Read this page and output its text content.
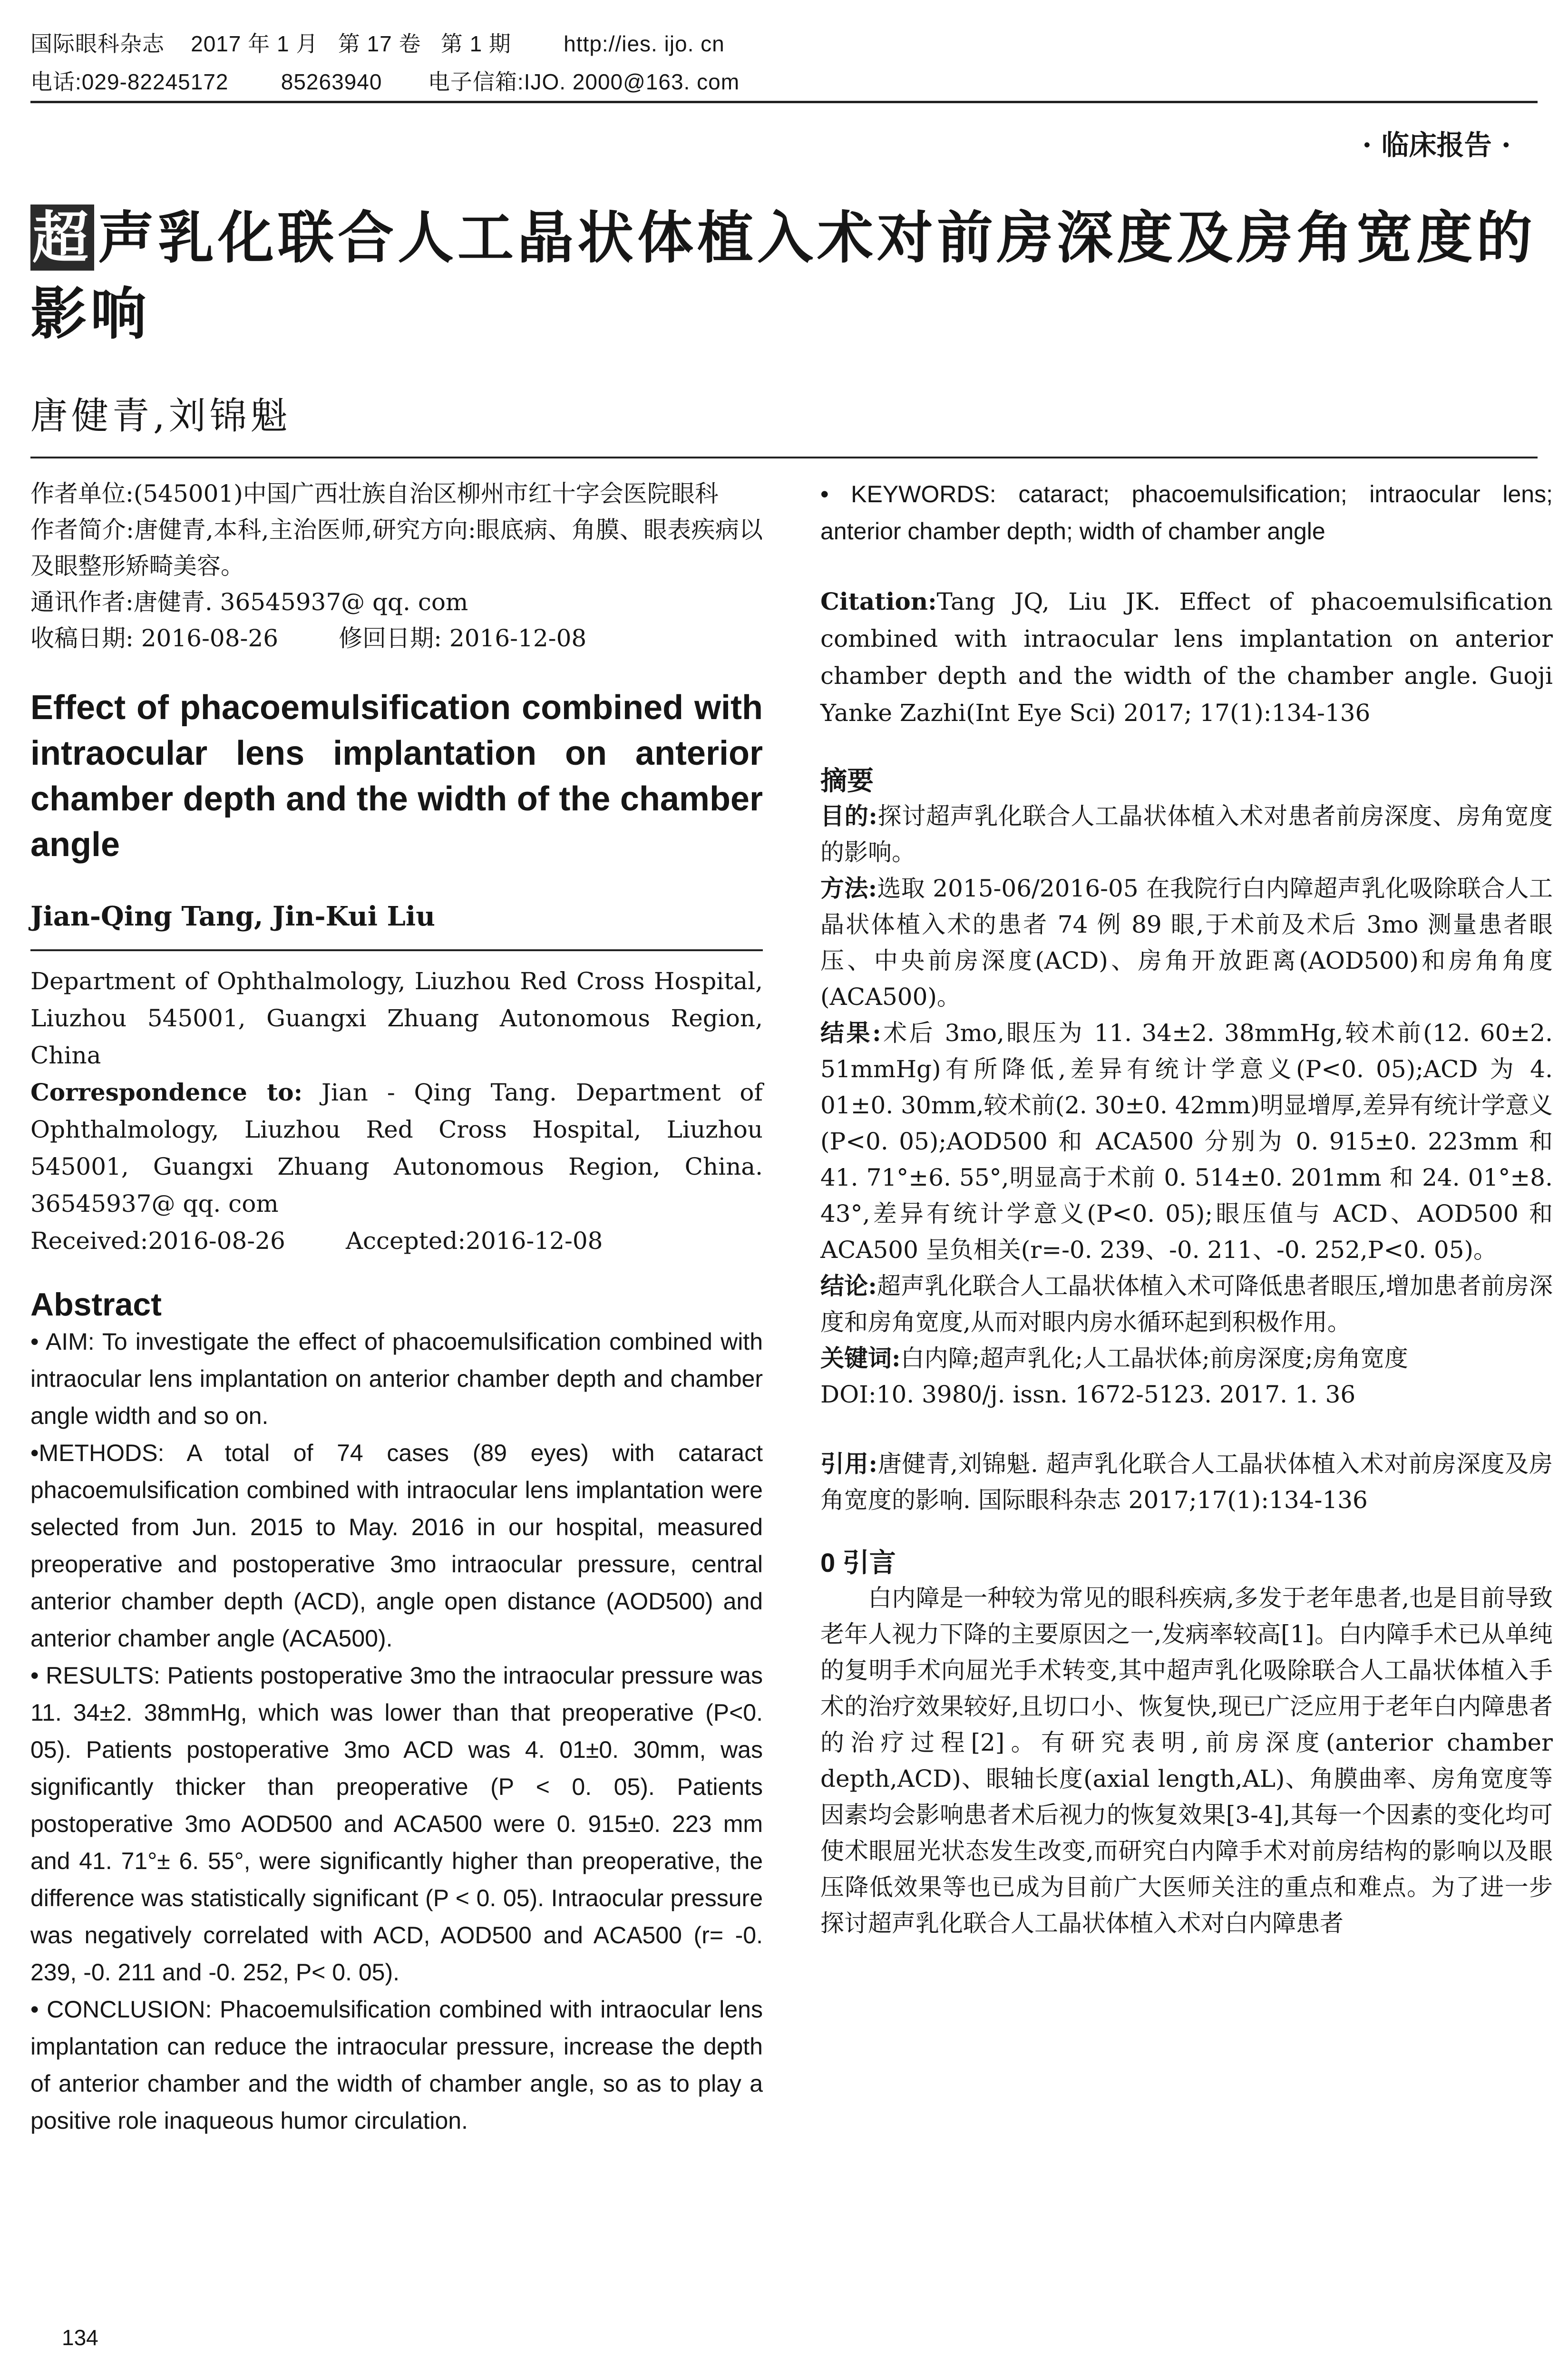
国际眼科杂志    2017 年 1 月   第 17 卷   第 1 期        http://ies. ijo. cn
电话:029-82245172        85263940       电子信箱:IJO. 2000@163. com
· 临床报告 ·
超 声乳化联合人工晶状体植入术对前房深度及房角宽度的影响
唐健青,刘锦魁

作者单位:(545001)中国广西壮族自治区柳州市红十字会医院眼科

作者简介:唐健青,本科,主治医师,研究方向:眼底病、角膜、眼表疾病以及眼整形矫畸美容。

通讯作者:唐健青. 36545937@ qq. com

收稿日期: 2016-08-26        修回日期: 2016-12-08

Effect of phacoemulsification combined with intraocular lens implantation on anterior chamber depth and the width of the chamber angle
Jian-Qing Tang, Jin-Kui Liu

Department of Ophthalmology, Liuzhou Red Cross Hospital, Liuzhou 545001, Guangxi Zhuang Autonomous Region, China

Correspondence to: Jian - Qing Tang. Department of Ophthalmology, Liuzhou Red Cross Hospital, Liuzhou 545001, Guangxi Zhuang Autonomous Region, China. 36545937@ qq. com

Received:2016-08-26        Accepted:2016-12-08

Abstract

• AIM: To investigate the effect of phacoemulsification combined with intraocular lens implantation on anterior chamber depth and chamber angle width and so on.

•METHODS: A total of 74 cases (89 eyes) with cataract phacoemulsification combined with intraocular lens implantation were selected from Jun. 2015 to May. 2016 in our hospital, measured preoperative and postoperative 3mo intraocular pressure, central anterior chamber depth (ACD), angle open distance (AOD500) and anterior chamber angle (ACA500).

• RESULTS: Patients postoperative 3mo the intraocular pressure was 11. 34±2. 38mmHg, which was lower than that preoperative (P<0. 05). Patients postoperative 3mo ACD was 4. 01±0. 30mm, was significantly thicker than preoperative (P < 0. 05). Patients postoperative 3mo AOD500 and ACA500 were 0. 915±0. 223 mm and 41. 71°± 6. 55°, were significantly higher than preoperative, the difference was statistically significant (P < 0. 05). Intraocular pressure was negatively correlated with ACD, AOD500 and ACA500 (r= -0. 239, -0. 211 and -0. 252, P< 0. 05).

• CONCLUSION: Phacoemulsification combined with intraocular lens implantation can reduce the intraocular pressure, increase the depth of anterior chamber and the width of chamber angle, so as to play a positive role inaqueous humor circulation.

• KEYWORDS: cataract; phacoemulsification; intraocular lens; anterior chamber depth; width of chamber angle

Citation:Tang JQ, Liu JK. Effect of phacoemulsification combined with intraocular lens implantation on anterior chamber depth and the width of the chamber angle. Guoji Yanke Zazhi(Int Eye Sci) 2017; 17(1):134-136

摘要

目的:探讨超声乳化联合人工晶状体植入术对患者前房深度、房角宽度的影响。

方法:选取 2015-06/2016-05 在我院行白内障超声乳化吸除联合人工晶状体植入术的患者 74 例 89 眼,于术前及术后 3mo 测量患者眼压、中央前房深度(ACD)、房角开放距离(AOD500)和房角角度(ACA500)。

结果:术后 3mo,眼压为 11. 34±2. 38mmHg,较术前(12. 60±2. 51mmHg)有所降低,差异有统计学意义(P<0. 05);ACD 为 4. 01±0. 30mm,较术前(2. 30±0. 42mm)明显增厚,差异有统计学意义(P<0. 05);AOD500 和 ACA500 分别为 0. 915±0. 223mm 和 41. 71°±6. 55°,明显高于术前 0. 514±0. 201mm 和 24. 01°±8. 43°,差异有统计学意义(P<0. 05);眼压值与 ACD、AOD500 和 ACA500 呈负相关(r=-0. 239、-0. 211、-0. 252,P<0. 05)。

结论:超声乳化联合人工晶状体植入术可降低患者眼压,增加患者前房深度和房角宽度,从而对眼内房水循环起到积极作用。

关键词:白内障;超声乳化;人工晶状体;前房深度;房角宽度

DOI:10. 3980/j. issn. 1672-5123. 2017. 1. 36

引用:唐健青,刘锦魁. 超声乳化联合人工晶状体植入术对前房深度及房角宽度的影响. 国际眼科杂志 2017;17(1):134-136

0 引言

白内障是一种较为常见的眼科疾病,多发于老年患者,也是目前导致老年人视力下降的主要原因之一,发病率较高[1]。白内障手术已从单纯的复明手术向屈光手术转变,其中超声乳化吸除联合人工晶状体植入手术的治疗效果较好,且切口小、恢复快,现已广泛应用于老年白内障患者的治疗过程[2]。有研究表明,前房深度(anterior chamber depth,ACD)、眼轴长度(axial length,AL)、角膜曲率、房角宽度等因素均会影响患者术后视力的恢复效果[3-4],其每一个因素的变化均可使术眼屈光状态发生改变,而研究白内障手术对前房结构的影响以及眼压降低效果等也已成为目前广大医师关注的重点和难点。为了进一步探讨超声乳化联合人工晶状体植入术对白内障患者

134
